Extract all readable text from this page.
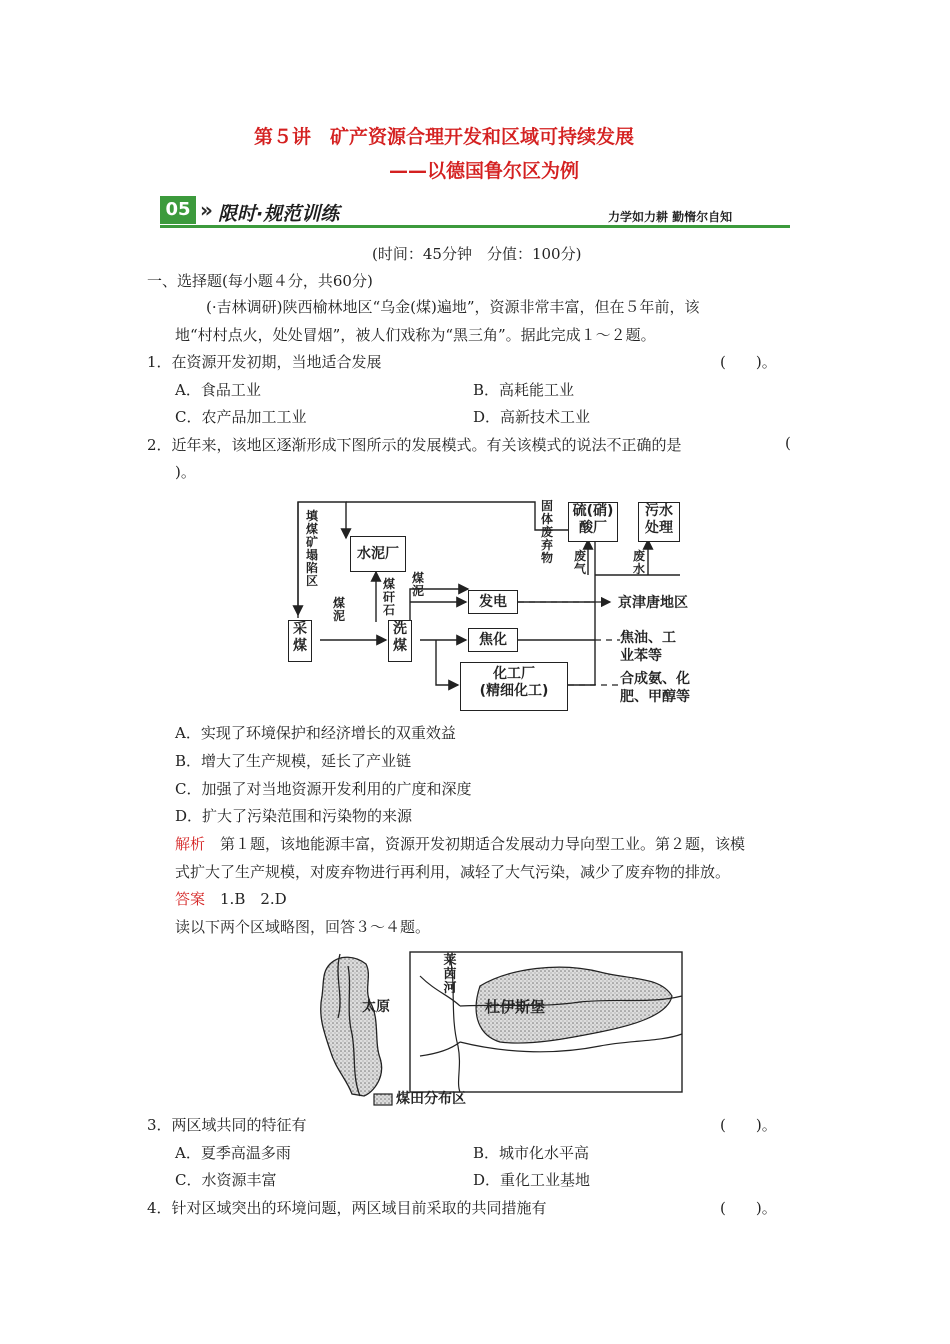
第５讲　矿产资源合理开发和区域可持续发展
——以德国鲁尔区为例
05 » 限时·规范训练	力学如力耕 勤惰尔自知
(时间：45分钟　分值：100分)
一、选择题(每小题４分，共60分)
(·吉林调研)陕西榆林地区“乌金(煤)遍地”，资源非常丰富，但在５年前，该
地“村村点火，处处冒烟”，被人们戏称为“黑三角”。据此完成１～２题。
1．在资源开发初期，当地适合发展	(　　)。
A．食品工业	B．高耗能工业
C．农产品加工工业	D．高新技术工业
2．近年来，该地区逐渐形成下图所示的发展模式。有关该模式的说法不正确的是	(
)。
填煤矿塌陷区
水泥厂
采煤
洗煤
煤泥
煤矸石
煤泥
发电
焦化
化工厂
(精细化工)
固体废弃物
硫(硝)
酸厂
污水
处理
废气
废水
京津唐地区
焦油、工
业苯等
合成氨、化
肥、甲醇等
A．实现了环境保护和经济增长的双重效益
B．增大了生产规模，延长了产业链
C．加强了对当地资源开发利用的广度和深度
D．扩大了污染范围和污染物的来源
解析　第１题，该地能源丰富，资源开发初期适合发展动力导向型工业。第２题，该模
式扩大了生产规模，对废弃物进行再利用，减轻了大气污染，减少了废弃物的排放。
答案　1.B　2.D
读以下两个区域略图，回答３～４题。
太原
莱茵河
杜伊斯堡
煤田分布区
3．两区域共同的特征有	(　　)。
A．夏季高温多雨	B．城市化水平高
C．水资源丰富	D．重化工业基地
4．针对区域突出的环境问题，两区域目前采取的共同措施有	(　　)。
